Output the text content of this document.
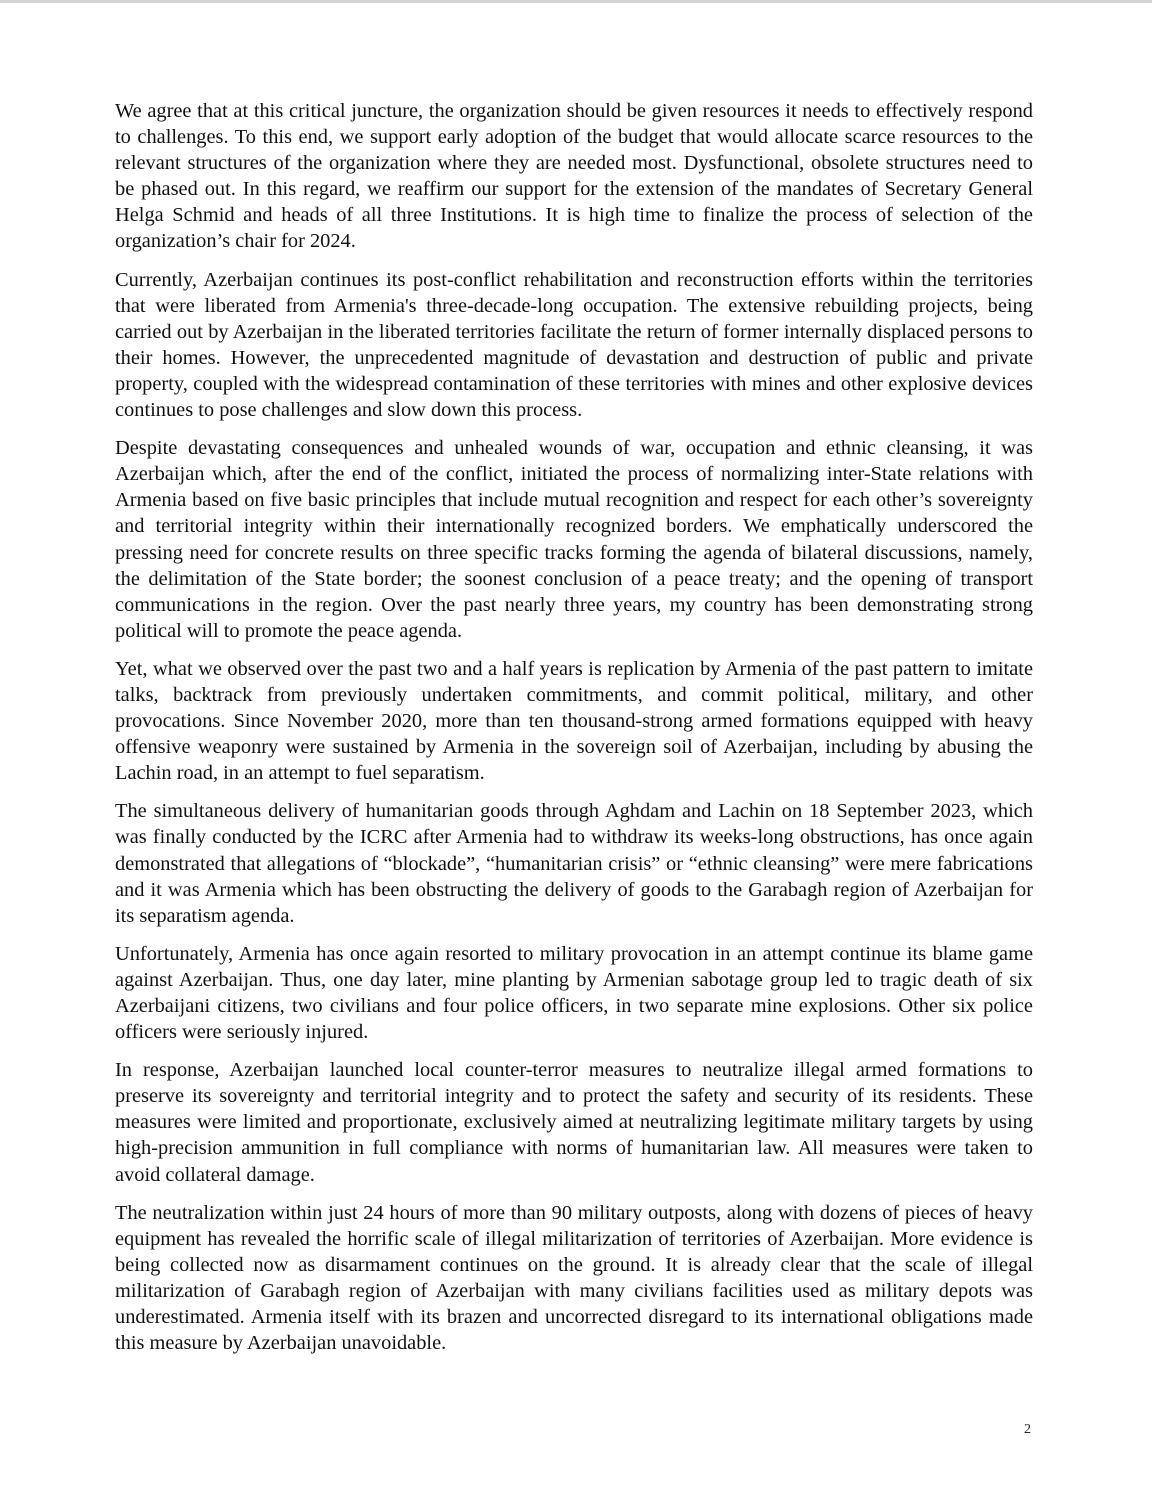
We agree that at this critical juncture, the organization should be given resources it needs to effectively respond to challenges. To this end, we support early adoption of the budget that would allocate scarce resources to the relevant structures of the organization where they are needed most. Dysfunctional, obsolete structures need to be phased out. In this regard, we reaffirm our support for the extension of the mandates of Secretary General Helga Schmid and heads of all three Institutions. It is high time to finalize the process of selection of the organization’s chair for 2024.

Currently, Azerbaijan continues its post-conflict rehabilitation and reconstruction efforts within the territories that were liberated from Armenia's three-decade-long occupation. The extensive rebuilding projects, being carried out by Azerbaijan in the liberated territories facilitate the return of former internally displaced persons to their homes. However, the unprecedented magnitude of devastation and destruction of public and private property, coupled with the widespread contamination of these territories with mines and other explosive devices continues to pose challenges and slow down this process.

Despite devastating consequences and unhealed wounds of war, occupation and ethnic cleansing, it was Azerbaijan which, after the end of the conflict, initiated the process of normalizing inter-State relations with Armenia based on five basic principles that include mutual recognition and respect for each other’s sovereignty and territorial integrity within their internationally recognized borders. We emphatically underscored the pressing need for concrete results on three specific tracks forming the agenda of bilateral discussions, namely, the delimitation of the State border; the soonest conclusion of a peace treaty; and the opening of transport communications in the region. Over the past nearly three years, my country has been demonstrating strong political will to promote the peace agenda.

Yet, what we observed over the past two and a half years is replication by Armenia of the past pattern to imitate talks, backtrack from previously undertaken commitments, and commit political, military, and other provocations. Since November 2020, more than ten thousand-strong armed formations equipped with heavy offensive weaponry were sustained by Armenia in the sovereign soil of Azerbaijan, including by abusing the Lachin road, in an attempt to fuel separatism.

The simultaneous delivery of humanitarian goods through Aghdam and Lachin on 18 September 2023, which was finally conducted by the ICRC after Armenia had to withdraw its weeks-long obstructions, has once again demonstrated that allegations of “blockade”, “humanitarian crisis” or “ethnic cleansing” were mere fabrications and it was Armenia which has been obstructing the delivery of goods to the Garabagh region of Azerbaijan for its separatism agenda.

Unfortunately, Armenia has once again resorted to military provocation in an attempt continue its blame game against Azerbaijan. Thus, one day later, mine planting by Armenian sabotage group led to tragic death of six Azerbaijani citizens, two civilians and four police officers, in two separate mine explosions. Other six police officers were seriously injured.

In response, Azerbaijan launched local counter-terror measures to neutralize illegal armed formations to preserve its sovereignty and territorial integrity and to protect the safety and security of its residents. These measures were limited and proportionate, exclusively aimed at neutralizing legitimate military targets by using high-precision ammunition in full compliance with norms of humanitarian law. All measures were taken to avoid collateral damage.

The neutralization within just 24 hours of more than 90 military outposts, along with dozens of pieces of heavy equipment has revealed the horrific scale of illegal militarization of territories of Azerbaijan. More evidence is being collected now as disarmament continues on the ground. It is already clear that the scale of illegal militarization of Garabagh region of Azerbaijan with many civilians facilities used as military depots was underestimated. Armenia itself with its brazen and uncorrected disregard to its international obligations made this measure by Azerbaijan unavoidable.

2
